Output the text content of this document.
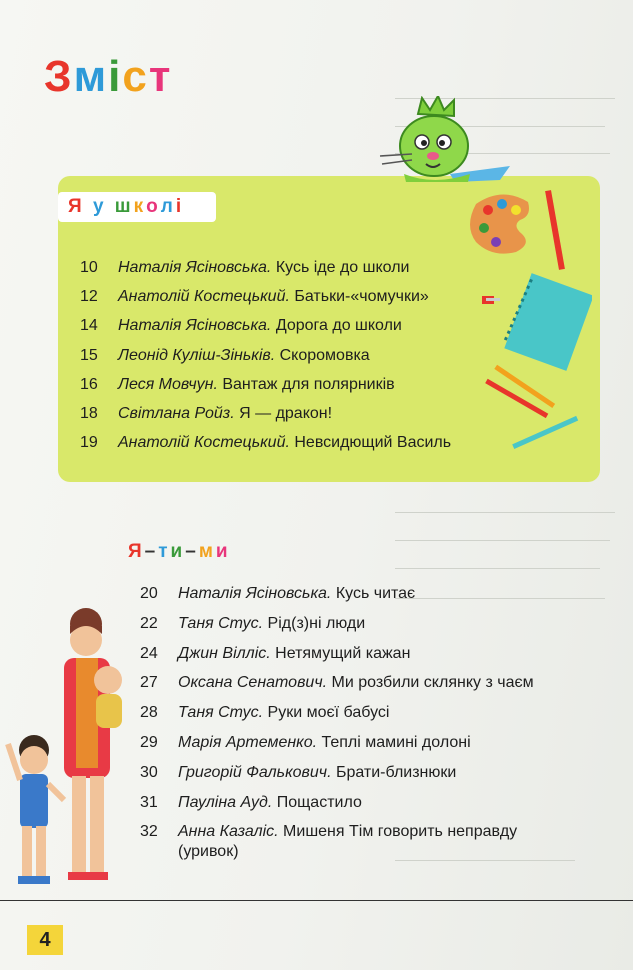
Зміст
Я у школі
Я–ти–ми
10	Наталія Ясіновська. Кусь іде до школи
12	Анатолій Костецький. Батьки-«чомучки»
14	Наталія Ясіновська. Дорога до школи
15	Леонід Куліш-Зіньків. Скоромовка
16	Леся Мовчун. Вантаж для полярників
18	Світлана Ройз. Я — дракон!
19	Анатолій Костецький. Невсидющий Василь
20	Наталія Ясіновська. Кусь читає
22	Таня Стус. Рід(з)ні люди
24	Джин Вілліс. Нетямущий кажан
27	Оксана Сенатович. Ми розбили склянку з чаєм
28	Таня Стус. Руки моєї бабусі
29	Марія Артеменко. Теплі мамині долоні
30	Григорій Фалькович. Брати-близнюки
31	Пауліна Ауд. Пощастило
32	Анна Казаліс. Мишеня Тім говорить неправду (уривок)
4
